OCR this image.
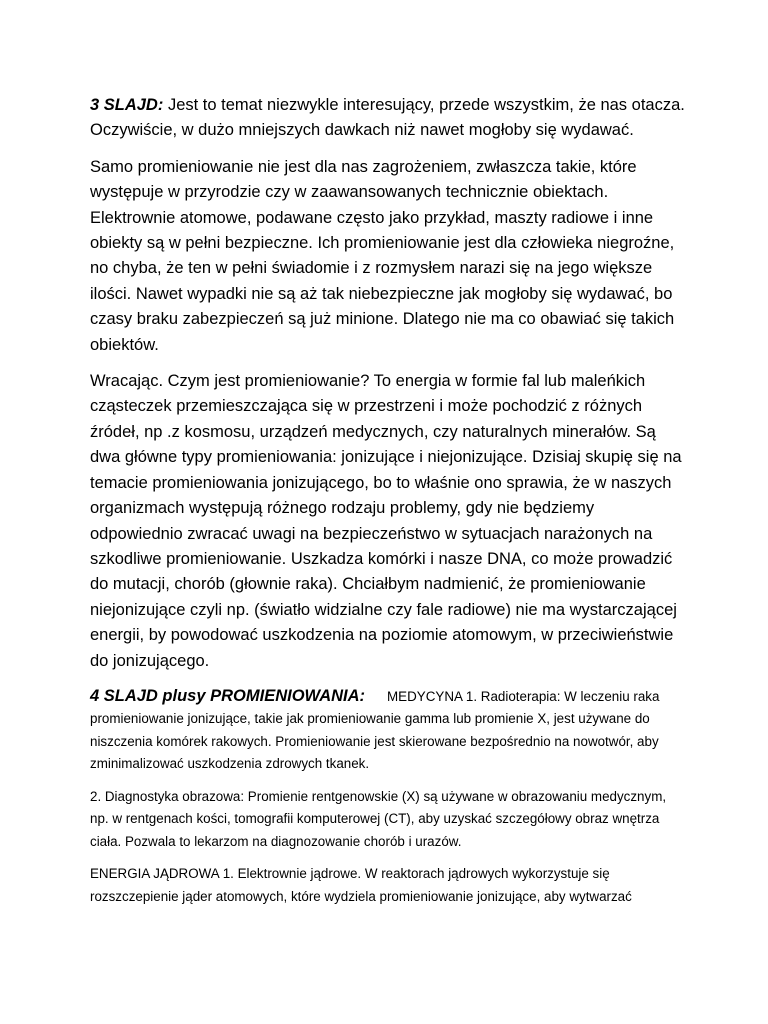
3 SLAJD: Jest to temat niezwykle interesujący, przede wszystkim, że nas otacza. Oczywiście, w dużo mniejszych dawkach niż nawet mogłoby się wydawać.

Samo promieniowanie nie jest dla nas zagrożeniem, zwłaszcza takie, które występuje w przyrodzie czy w zaawansowanych technicznie obiektach. Elektrownie atomowe, podawane często jako przykład, maszty radiowe i inne obiekty są w pełni bezpieczne. Ich promieniowanie jest dla człowieka niegroźne, no chyba, że ten w pełni świadomie i z rozmysłem narazi się na jego większe ilości. Nawet wypadki nie są aż tak niebezpieczne jak mogłoby się wydawać, bo czasy braku zabezpieczeń są już minione. Dlatego nie ma co obawiać się takich obiektów.

Wracając. Czym jest promieniowanie? To energia w formie fal lub maleńkich cząsteczek przemieszczająca się w przestrzeni i może pochodzić z różnych źródeł, np .z kosmosu, urządzeń medycznych, czy naturalnych minerałów. Są dwa główne typy promieniowania: jonizujące i niejonizujące. Dzisiaj skupię się na temacie promieniowania jonizującego, bo to właśnie ono sprawia, że w naszych organizmach występują różnego rodzaju problemy, gdy nie będziemy odpowiednio zwracać uwagi na bezpieczeństwo w sytuacjach narażonych na szkodliwe promieniowanie. Uszkadza komórki i nasze DNA, co może prowadzić do mutacji, chorób (głownie raka). Chciałbym nadmienić, że promieniowanie niejonizujące czyli np. (światło widzialne czy fale radiowe) nie ma wystarczającej energii, by powodować uszkodzenia na poziomie atomowym, w przeciwieństwie do jonizującego.

4 SLAJD plusy PROMIENIOWANIA: MEDYCYNA 1. Radioterapia: W leczeniu raka promieniowanie jonizujące, takie jak promieniowanie gamma lub promienie X, jest używane do niszczenia komórek rakowych. Promieniowanie jest skierowane bezpośrednio na nowotwór, aby zminimalizować uszkodzenia zdrowych tkanek.

2. Diagnostyka obrazowa: Promienie rentgenowskie (X) są używane w obrazowaniu medycznym, np. w rentgenach kości, tomografii komputerowej (CT), aby uzyskać szczegółowy obraz wnętrza ciała. Pozwala to lekarzom na diagnozowanie chorób i urazów.

ENERGIA JĄDROWA 1. Elektrownie jądrowe. W reaktorach jądrowych wykorzystuje się rozszczepienie jąder atomowych, które wydziela promieniowanie jonizujące, aby wytwarzać
